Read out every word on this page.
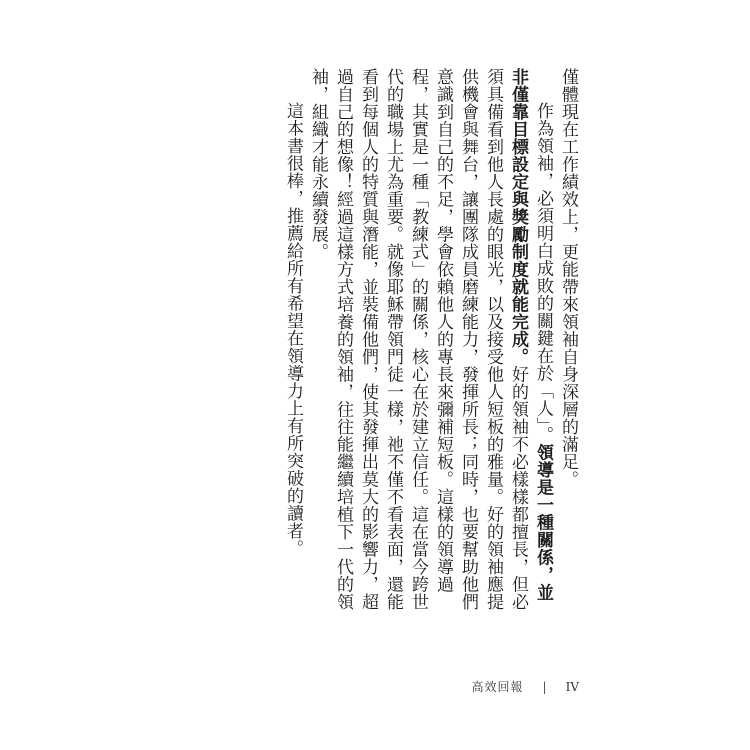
僅體現在工作績效上，更能帶來領袖自身深層的滿足。

作為領袖，必須明白成敗的關鍵在於「人」。領導是一種關係，並非僅靠目標設定與獎勵制度就能完成。好的領袖不必樣樣都擅長，但必須具備看到他人長處的眼光，以及接受他人短板的雅量。好的領袖應提供機會與舞台，讓團隊成員磨練能力，發揮所長；同時，也要幫助他們意識到自己的不足，學會依賴他人的專長來彌補短板。這樣的領導過程，其實是一種「教練式」的關係，核心在於建立信任。這在當今跨世代的職場上尤為重要。就像耶穌帶領門徒一樣，祂不僅不看表面，還能看到每個人的特質與潛能，並裝備他們，使其發揮出莫大的影響力，超過自己的想像！經過這樣方式培養的領袖，往往能繼續培植下一代的領袖，組織才能永續發展。

這本書很棒，推薦給所有希望在領導力上有所突破的讀者。

高效回報 | IV
